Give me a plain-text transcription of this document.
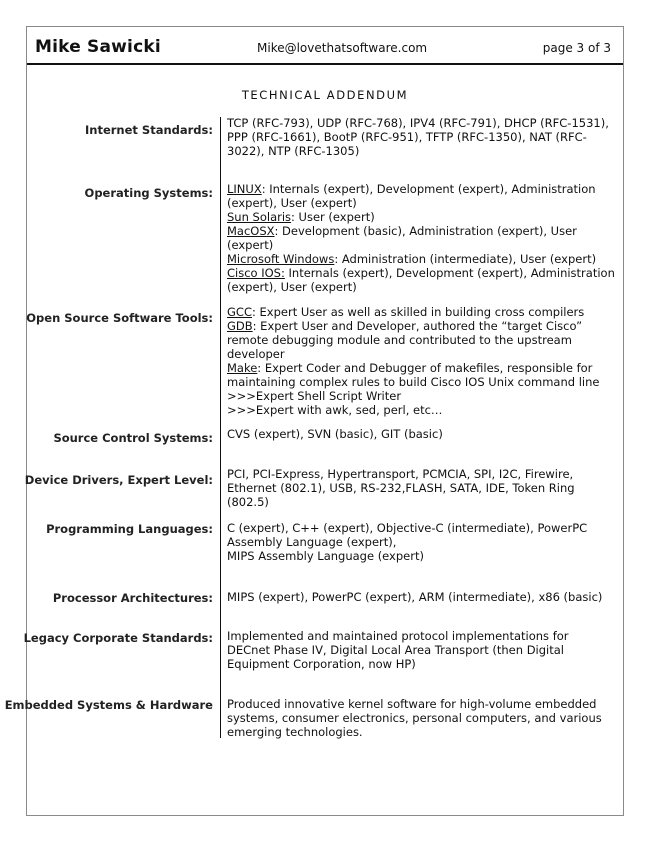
Mike Sawicki	Mike@lovethatsoftware.com	page 3 of 3
TECHNICAL ADDENDUM
Internet Standards: TCP (RFC-793), UDP (RFC-768), IPV4 (RFC-791), DHCP (RFC-1531), PPP (RFC-1661), BootP (RFC-951), TFTP (RFC-1350), NAT (RFC-3022), NTP (RFC-1305)
Operating Systems: LINUX: Internals (expert), Development (expert), Administration (expert), User (expert)
Sun Solaris: User (expert)
MacOSX: Development (basic), Administration (expert), User (expert)
Microsoft Windows: Administration (intermediate), User (expert)
Cisco IOS: Internals (expert), Development (expert), Administration (expert), User (expert)
Open Source Software Tools: GCC: Expert User as well as skilled in building cross compilers
GDB: Expert User and Developer, authored the “target Cisco” remote debugging module and contributed to the upstream developer
Make: Expert Coder and Debugger of makefiles, responsible for maintaining complex rules to build Cisco IOS Unix command line
>>>Expert Shell Script Writer
>>>Expert with awk, sed, perl, etc…
Source Control Systems: CVS (expert), SVN (basic), GIT (basic)
Device Drivers, Expert Level: PCI, PCI-Express, Hypertransport, PCMCIA, SPI, I2C, Firewire, Ethernet (802.1), USB, RS-232,FLASH, SATA, IDE, Token Ring (802.5)
Programming Languages: C (expert), C++ (expert), Objective-C (intermediate), PowerPC Assembly Language (expert),
MIPS Assembly Language (expert)
Processor Architectures: MIPS (expert), PowerPC (expert), ARM (intermediate), x86 (basic)
Legacy Corporate Standards: Implemented and maintained protocol implementations for DECnet Phase IV, Digital Local Area Transport (then Digital Equipment Corporation, now HP)
Embedded Systems & Hardware Produced innovative kernel software for high-volume embedded systems, consumer electronics, personal computers, and various emerging technologies.
